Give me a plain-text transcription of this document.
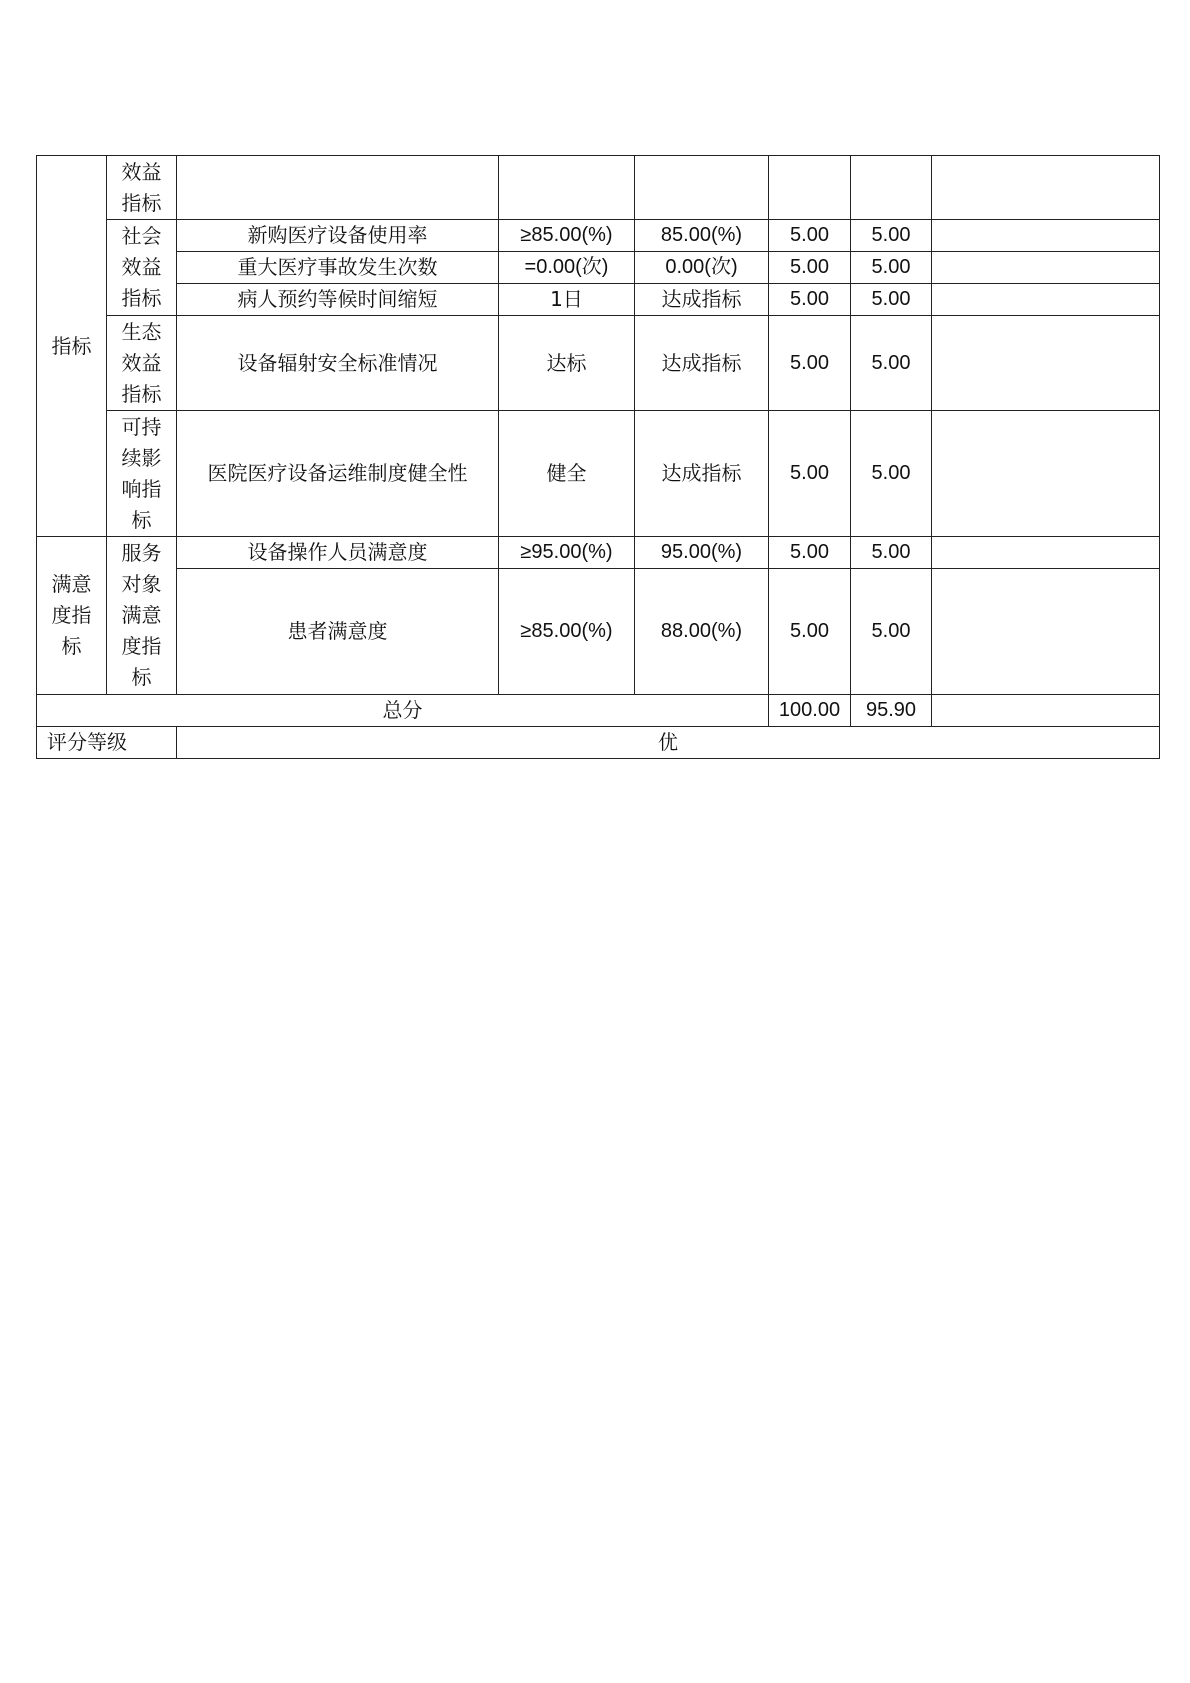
指标	效益指标						
	社会效益指标	新购医疗设备使用率	≥85.00(%)	85.00(%)	5.00	5.00	
		重大医疗事故发生次数	=0.00(次)	0.00(次)	5.00	5.00	
		病人预约等候时间缩短	1日	达成指标	5.00	5.00	
	生态效益指标	设备辐射安全标准情况	达标	达成指标	5.00	5.00	
	可持续影响指标	医院医疗设备运维制度健全性	健全	达成指标	5.00	5.00	
满意度指标	服务对象满意度指标	设备操作人员满意度	≥95.00(%)	95.00(%)	5.00	5.00	
		患者满意度	≥85.00(%)	88.00(%)	5.00	5.00	
总分					100.00	95.90	
评分等级		优					
